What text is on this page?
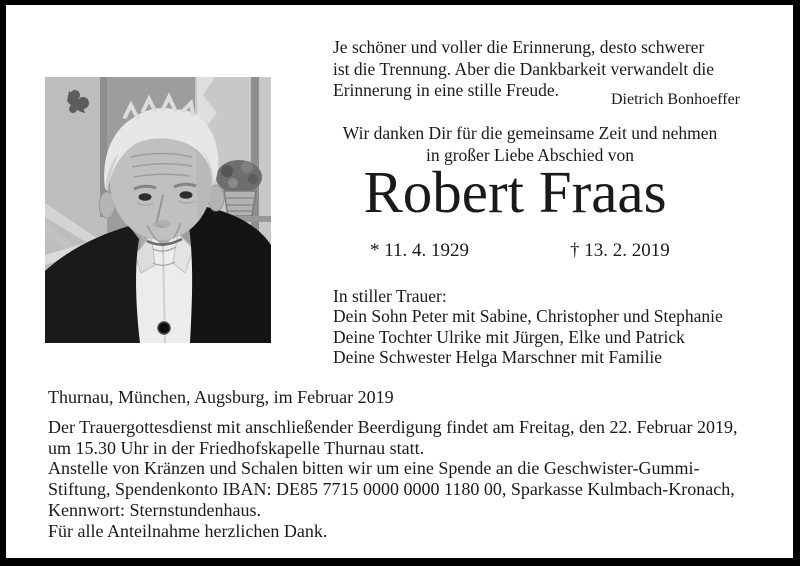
Je schöner und voller die Erinnerung, desto schwerer
ist die Trennung. Aber die Dankbarkeit verwandelt die
Erinnerung in eine stille Freude.	Dietrich Bonhoeffer
Wir danken Dir für die gemeinsame Zeit und nehmen
in großer Liebe Abschied von
Robert Fraas
* 11. 4. 1929	† 13. 2. 2019
In stiller Trauer:
Dein Sohn Peter mit Sabine, Christopher und Stephanie
Deine Tochter Ulrike mit Jürgen, Elke und Patrick
Deine Schwester Helga Marschner mit Familie
Thurnau, München, Augsburg, im Februar 2019
Der Trauergottesdienst mit anschließender Beerdigung findet am Freitag, den 22. Februar 2019,
um 15.30 Uhr in der Friedhofskapelle Thurnau statt.
Anstelle von Kränzen und Schalen bitten wir um eine Spende an die Geschwister-Gummi-
Stiftung, Spendenkonto IBAN: DE85 7715 0000 0000 1180 00, Sparkasse Kulmbach-Kronach,
Kennwort: Sternstundenhaus.
Für alle Anteilnahme herzlichen Dank.
